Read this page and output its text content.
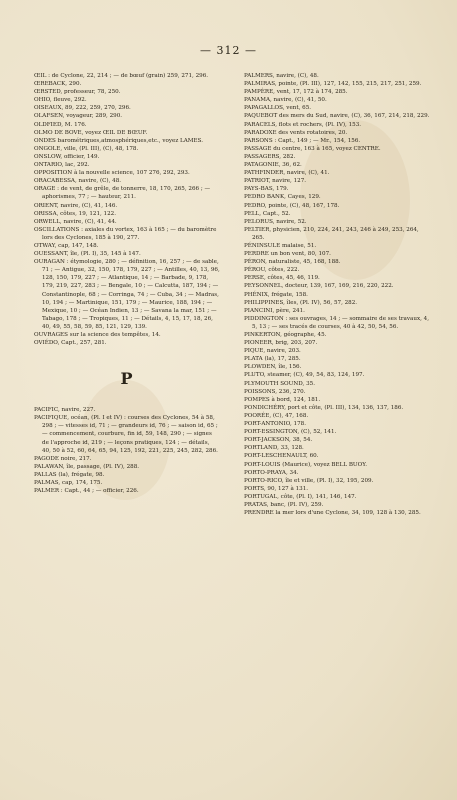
— 312 —

ŒIL : de Cyclone, 22, 214 ; — de bœuf (grain) 259, 271, 296.

ŒREBACK, 290.

ŒRSTED, professeur, 78, 250.

OHIO, fleuve, 292.

OISEAUX, 89, 222, 259, 270, 296.

OLAFSEN, voyageur, 289, 290.

OLDFIED, M. 176.

OLMO DE BOVE, voyez ŒIL DE BŒUF.

ONDES barométriques,atmosphériques,etc., voyez LAMES.

ONGOLE, ville, (Pl. III), (C), 48, 178.

ONSLOW, officier, 149.

ONTARIO, lac, 292.

OPPOSITION à la nouvelle science, 107 276, 292, 293.

ORACABESSA, navire, (C), 48.

ORAGE : de vent, de grêle, de tonnerre, 18, 170, 265, 266 ; — aphorismes, 77 ; — hauteur, 211.

ORIENT, navire, (C), 41, 146.

ORISSA, côtes, 19, 121, 122.

ORWELL, navire, (C), 41, 44.

OSCILLATIONS : axiales du vortex, 163 à 165 ; — du baromètre lors des Cyclones, 185 à 190, 277.

OTWAY, cap, 147, 148.

OUESSANT, île, (Pl. I), 35, 145 à 147.

OURAGAN : étymologie, 280 ; — définition, 16, 257 ; — de sable, 71 ; — Antigue, 32, 150, 178, 179, 227 ; — Antilles, 40, 13, 96, 128, 150, 179, 227 ; — Atlantique, 14 ; — Barbade, 9, 178, 179, 219, 227, 283 ; — Bengale, 10 ; — Calcutta, 187, 194 ; — Constantinople, 68 ; — Corringa, 74 ; — Cuba, 34 ; — Madras, 10, 194 ; — Martinique, 151, 179 ; — Maurice, 188, 194 ; — Mexique, 10 ; — Océan Indien, 13 ; — Savana la mar, 151 ; — Tabago, 178 ; — Tropiques, 11 ; — Détails, 4, 15, 17, 18, 26, 40, 49, 55, 58, 59, 85, 121, 129, 139.

OUVRAGES sur la science des tempêtes, 14.

OVIÉDO, Capt., 257, 281.

P

PACIFIC, navire, 227.

PACIFIQUE, océan, (Pl. I et IV) : courses des Cyclones, 54 à 58, 298 ; — vitesses id, 71 ; — grandeurs id, 76 ; — saison id, 65 ; — commencement, courbure, fin id, 59, 148, 290 ; — signes de l'approche id, 219 ; — leçons pratiques, 124 ; — détails, 40, 50 à 52, 60, 64, 65, 94, 125, 192, 221, 225, 245, 282, 286.

PAGODE noire, 217.

PALAWAN, île, passage, (Pl. IV), 288.

PALLAS (la), frégate, 98.

PALMAS, cap, 174, 175.

PALMER : Capt., 44 ; — officier, 226.

PALMERS, navire, (C), 48.

PALMIRAS, pointe, (Pl. III), 127, 142, 155, 215, 217, 251, 259.

PAMPÈRE, vent, 17, 172 à 174, 285.

PANAMA, navire, (C), 41, 50.

PAPAGALLOS, vent, 65.

PAQUEBOT des mers du Sud, navire, (C), 36, 167, 214, 218, 229.

PARACELS, flots et rochers, (Pl. IV), 153.

PARADOXE des vents rotatoires, 20.

PARSONS : Capt., 149 ; — Mr., 154, 156.

PASSAGE du centre, 163 à 165, voyez CENTRE.

PASSAGERS, 282.

PATAGONIE, 36, 62.

PATHFINDER, navire, (C), 41.

PATRIOT, navire, 127.

PAYS-BAS, 179.

PEDRO BANK, Cayes, 129.

PEDRO, pointe, (C), 48, 167, 178.

PELL, Capt., 52.

PELORUS, navire, 52.

PELTIER, physicien, 210, 224, 241, 243, 246 à 249, 253, 264, 265.

PÉNINSULE malaise, 51.

PERDRE un bon vent, 80, 107.

PÉRON, naturaliste, 45, 168, 188.

PÉROU, côtes, 222.

PERSE, côtes, 45, 46, 119.

PEYSONNEL, docteur, 139, 167, 169, 216, 220, 222.

PHÉNIX, frégate, 158.

PHILIPPINES, îles, (Pl. IV), 56, 57, 282.

PIANCINI, père, 241.

PIDDINGTON : ses ouvrages, 14 ; — sommaire de ses travaux, 4, 5, 13 ; — ses tracés de courses, 40 à 42, 50, 54, 56.

PINKERTON, géographe, 45.

PIONEER, brig, 203, 207.

PIQUE, navire, 203.

PLATA (la), 17, 285.

PLOWDEN, île, 156.

PLUTO, steamer, (C), 49, 54, 83, 124, 197.

PLYMOUTH SOUND, 35.

POISSONS, 236, 270.

POMPES à bord, 124, 181.

PONDICHÉRY, port et côte, (Pl. III), 134, 136, 137, 186.

POORÉE, (C), 47, 168.

PORT-ANTONIO, 178.

PORT-ESSINGTON, (C), 52, 141.

PORT-JACKSON, 38, 54.

PORTLAND, 33, 128.

PORT-LESCHENAULT, 60.

PORT-LOUIS (Maurice), voyez BELL BUOY.

PORTO-PRAYA, 34.

PORTO-RICO, île et ville, (Pl. I), 32, 195, 209.

PORTS, 90, 127 à 131.

PORTUGAL, côte, (Pl. I), 141, 146, 147.

PRATAS, banc, (Pl. IV), 259.

PRENDRE la mer lors d'une Cyclone, 34, 109, 128 à 130, 285.
